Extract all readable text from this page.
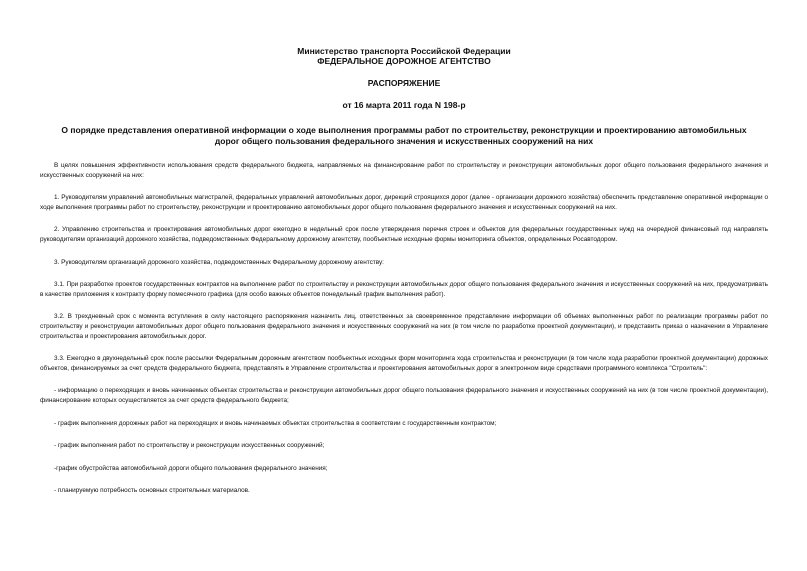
Министерство транспорта Российской Федерации
ФЕДЕРАЛЬНОЕ ДОРОЖНОЕ АГЕНТСТВО
РАСПОРЯЖЕНИЕ
от 16 марта 2011 года N 198-р
О порядке представления оперативной информации о ходе выполнения программы работ по строительству, реконструкции и проектированию автомобильных дорог общего пользования федерального значения и искусственных сооружений на них

В целях повышения эффективности использования средств федерального бюджета, направляемых на финансирование работ по строительству и реконструкции автомобильных дорог общего пользования федерального значения и искусственных сооружений на них:

1. Руководителям управлений автомобильных магистралей, федеральных управлений автомобильных дорог, дирекций строящихся дорог (далее - организации дорожного хозяйства) обеспечить представление оперативной информации о ходе выполнения программы работ по строительству, реконструкции и проектированию автомобильных дорог общего пользования федерального значения и искусственных сооружений на них.

2. Управлению строительства и проектирования автомобильных дорог ежегодно в недельный срок после утверждения перечня строек и объектов для федеральных государственных нужд на очередной финансовый год направлять руководителям организаций дорожного хозяйства, подведомственных Федеральному дорожному агентству, пообъектные исходные формы мониторинга объектов, определенных Росавтодором.

3. Руководителям организаций дорожного хозяйства, подведомственных Федеральному дорожному агентству:

3.1. При разработке проектов государственных контрактов на выполнение работ по строительству и реконструкции автомобильных дорог общего пользования федерального значения и искусственных сооружений на них, предусматривать в качестве приложения к контракту форму помесячного графика (для особо важных объектов понедельный график выполнения работ).

3.2. В трехдневный срок с момента вступления в силу настоящего распоряжения назначить лиц, ответственных за своевременное представление информации об объемах выполненных работ по реализации программы работ по строительству и реконструкции автомобильных дорог общего пользования федерального значения и искусственных сооружений на них (в том числе по разработке проектной документации), и представить приказ о назначении в Управление строительства и проектирования автомобильных дорог.

3.3. Ежегодно в двухнедельный срок после рассылки Федеральным дорожным агентством пообъектных исходных форм мониторинга хода строительства и реконструкции (в том числе хода разработки проектной документации) дорожных объектов, финансируемых за счет средств федерального бюджета, представлять в Управление строительства и проектирования автомобильных дорог в электронном виде средствами программного комплекса "Строитель":

- информацию о переходящих и вновь начинаемых объектах строительства и реконструкции автомобильных дорог общего пользования федерального значения и искусственных сооружений на них (в том числе проектной документации), финансирование которых осуществляется за счет средств федерального бюджета;

- график выполнения дорожных работ на переходящих и вновь начинаемых объектах строительства в соответствии с государственным контрактом;

- график выполнения работ по строительству и реконструкции искусственных сооружений;

-график обустройства автомобильной дороги общего пользования федерального значения;

- планируемую потребность основных строительных материалов.
